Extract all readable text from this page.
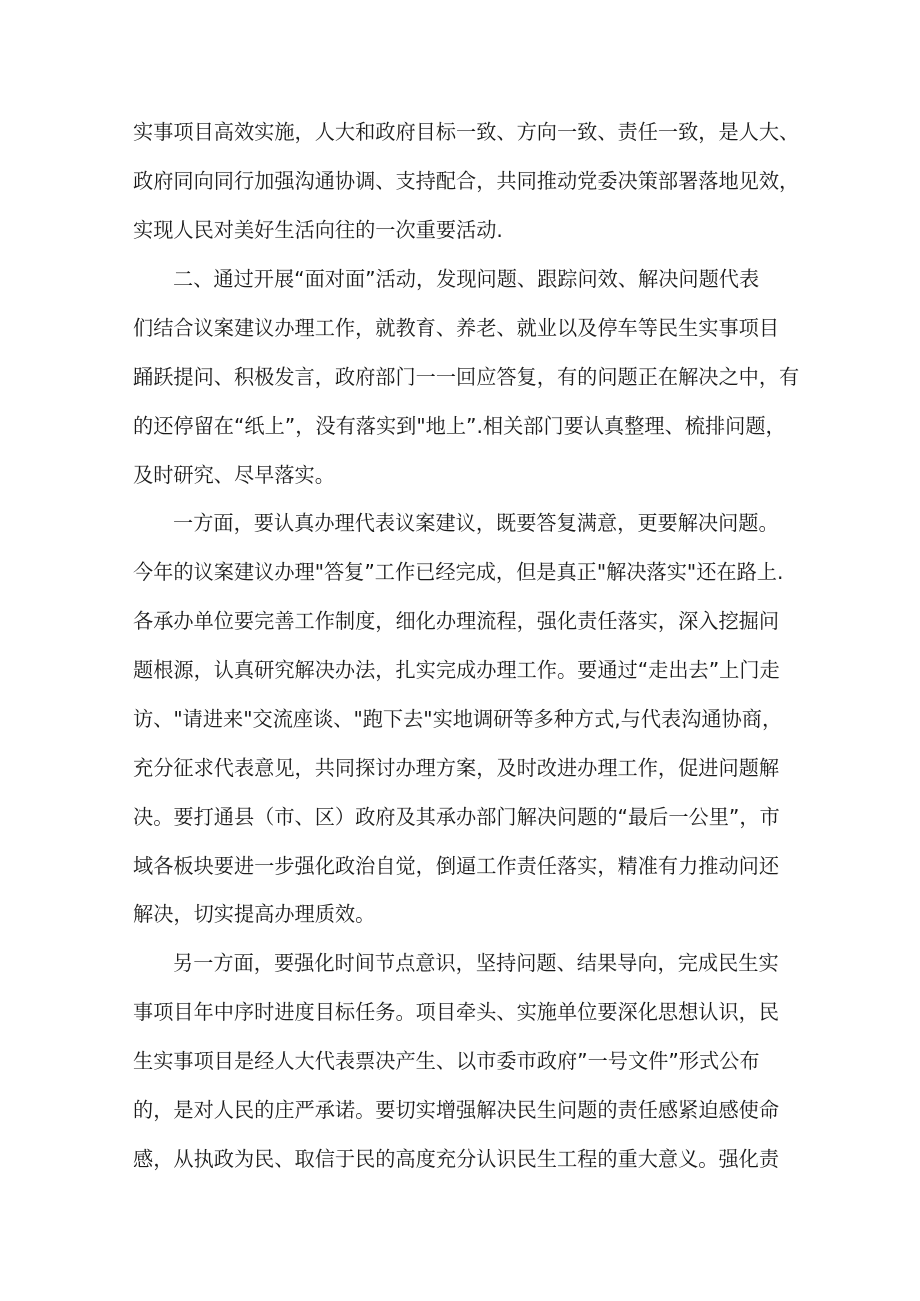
实事项目高效实施，人大和政府目标一致、方向一致、责任一致，是人大、
政府同向同行加强沟通协调、支持配合，共同推动党委决策部署落地见效，
实现人民对美好生活向往的一次重要活动.
二、通过开展“面对面”活动，发现问题、跟踪问效、解决问题代表
们结合议案建议办理工作，就教育、养老、就业以及停车等民生实事项目
踊跃提问、积极发言，政府部门一一回应答复，有的问题正在解决之中，有
的还停留在“纸上”，没有落实到"地上”.相关部门要认真整理、梳排问题，
及时研究、尽早落实。
一方面，要认真办理代表议案建议，既要答复满意，更要解决问题。
今年的议案建议办理"答复”工作已经完成，但是真正"解决落实"还在路上.
各承办单位要完善工作制度，细化办理流程，强化责任落实，深入挖掘问
题根源，认真研究解决办法，扎实完成办理工作。要通过“走出去”上门走
访、"请进来"交流座谈、"跑下去"实地调研等多种方式,与代表沟通协商，
充分征求代表意见，共同探讨办理方案，及时改进办理工作，促进问题解
决。要打通县（市、区）政府及其承办部门解决问题的“最后一公里”，市
域各板块要进一步强化政治自觉，倒逼工作责任落实，精准有力推动问还
解决，切实提高办理质效。
另一方面，要强化时间节点意识，坚持问题、结果导向，完成民生实
事项目年中序时进度目标任务。项目牵头、实施单位要深化思想认识，民
生实事项目是经人大代表票决产生、以市委市政府”一号文件”形式公布
的，是对人民的庄严承诺。要切实增强解决民生问题的责任感紧迫感使命
感，从执政为民、取信于民的高度充分认识民生工程的重大意义。强化责
